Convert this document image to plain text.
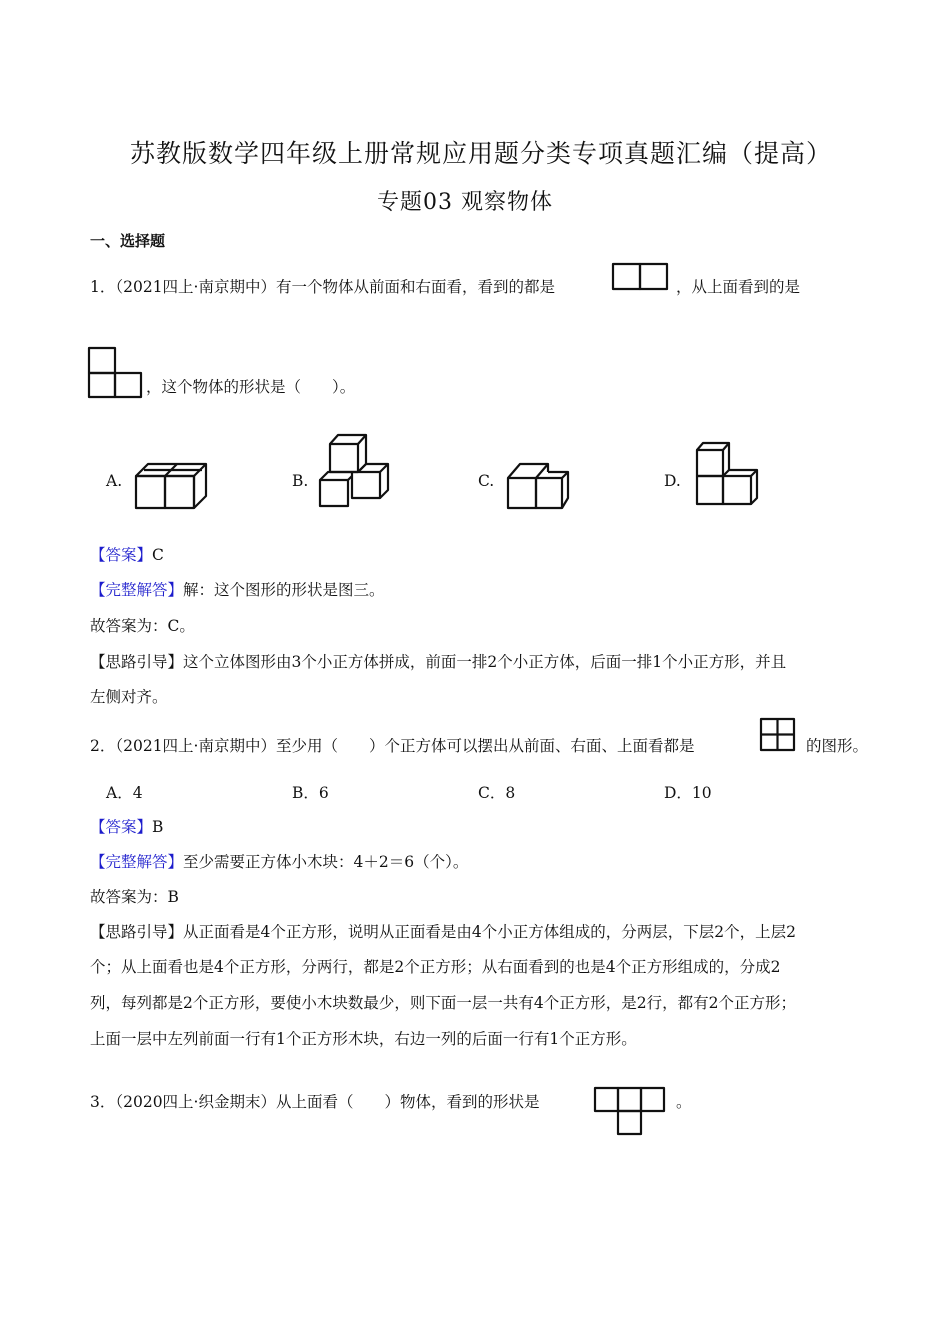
苏教版数学四年级上册常规应用题分类专项真题汇编（提高）
专题03 观察物体
一、选择题
1．（2021四上·南京期中）有一个物体从前面和右面看，看到的都是	，从上面看到的是
，这个物体的形状是（　　）。
A.	B.	C.	D.
【答案】C
【完整解答】解：这个图形的形状是图三。
故答案为：C。
【思路引导】这个立体图形由3个小正方体拼成，前面一排2个小正方体，后面一排1个小正方形，并且
左侧对齐。
2．（2021四上·南京期中）至少用（　　）个正方体可以摆出从前面、右面、上面看都是	的图形。
A．4	B．6	C．8	D．10
【答案】B
【完整解答】至少需要正方体小木块：4＋2＝6（个）。
故答案为：B
【思路引导】从正面看是4个正方形，说明从正面看是由4个小正方体组成的，分两层，下层2个，上层2
个；从上面看也是4个正方形，分两行，都是2个正方形；从右面看到的也是4个正方形组成的，分成2
列，每列都是2个正方形，要使小木块数最少，则下面一层一共有4个正方形，是2行，都有2个正方形；
上面一层中左列前面一行有1个正方形木块，右边一列的后面一行有1个正方形。
3．（2020四上·织金期末）从上面看（　　）物体，看到的形状是	。
